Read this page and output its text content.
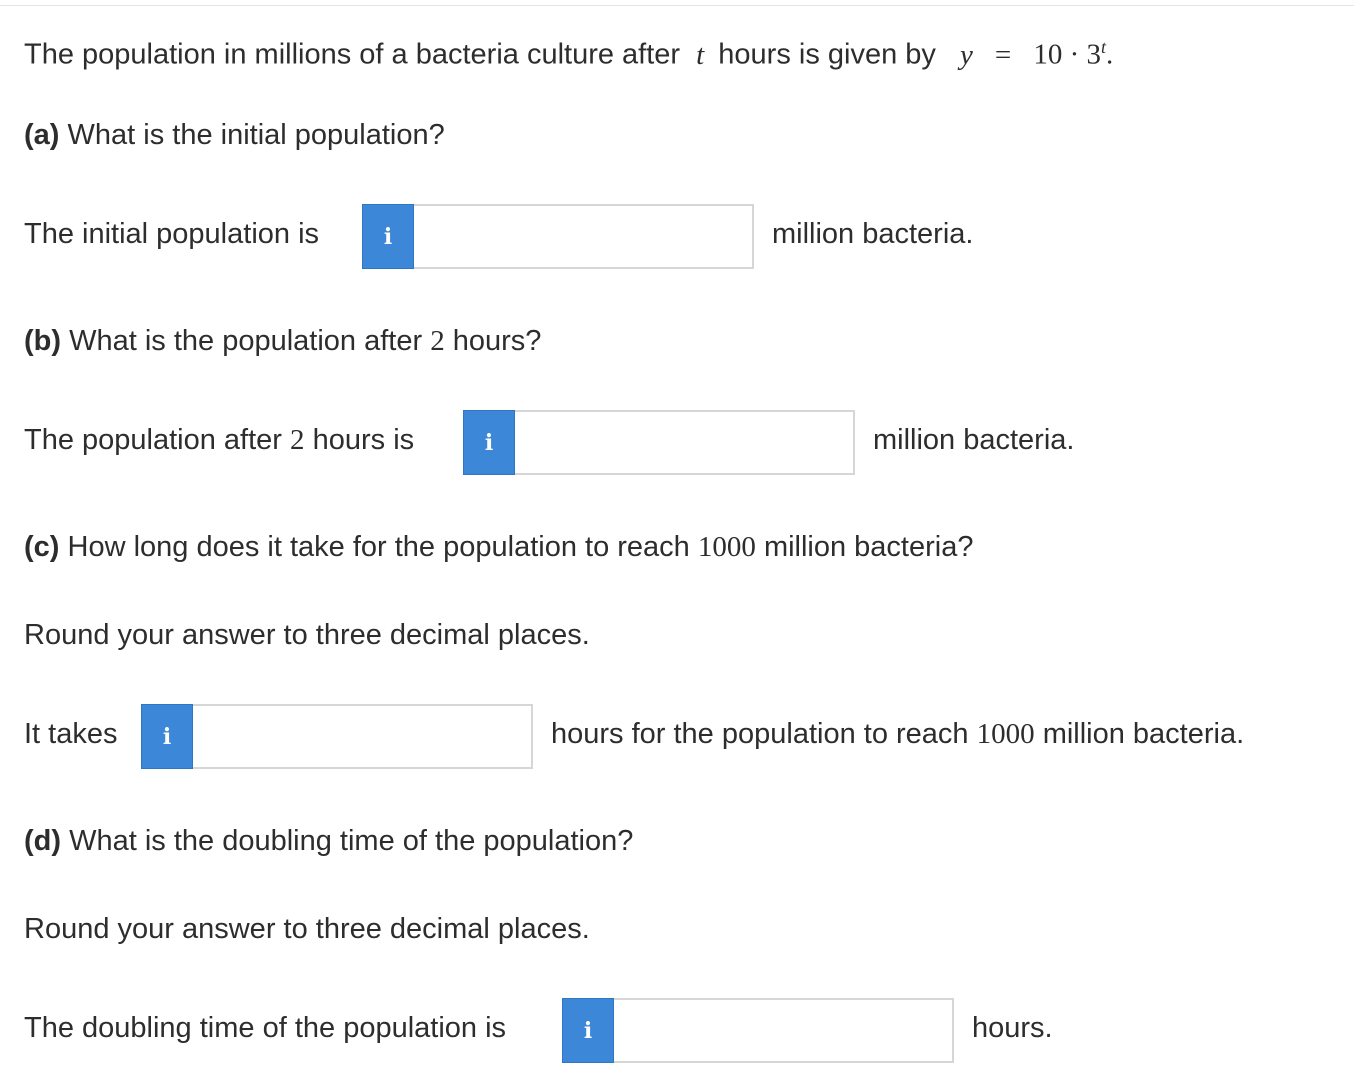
The population in millions of a bacteria culture after t hours is given by $y = 10 \cdot 3^t$.
(a) What is the initial population?
The initial population is	i	million bacteria.
(b) What is the population after 2 hours?
The population after 2 hours is	i	million bacteria.
(c) How long does it take for the population to reach 1000 million bacteria?
Round your answer to three decimal places.
It takes	i	hours for the population to reach 1000 million bacteria.
(d) What is the doubling time of the population?
Round your answer to three decimal places.
The doubling time of the population is	i	hours.
